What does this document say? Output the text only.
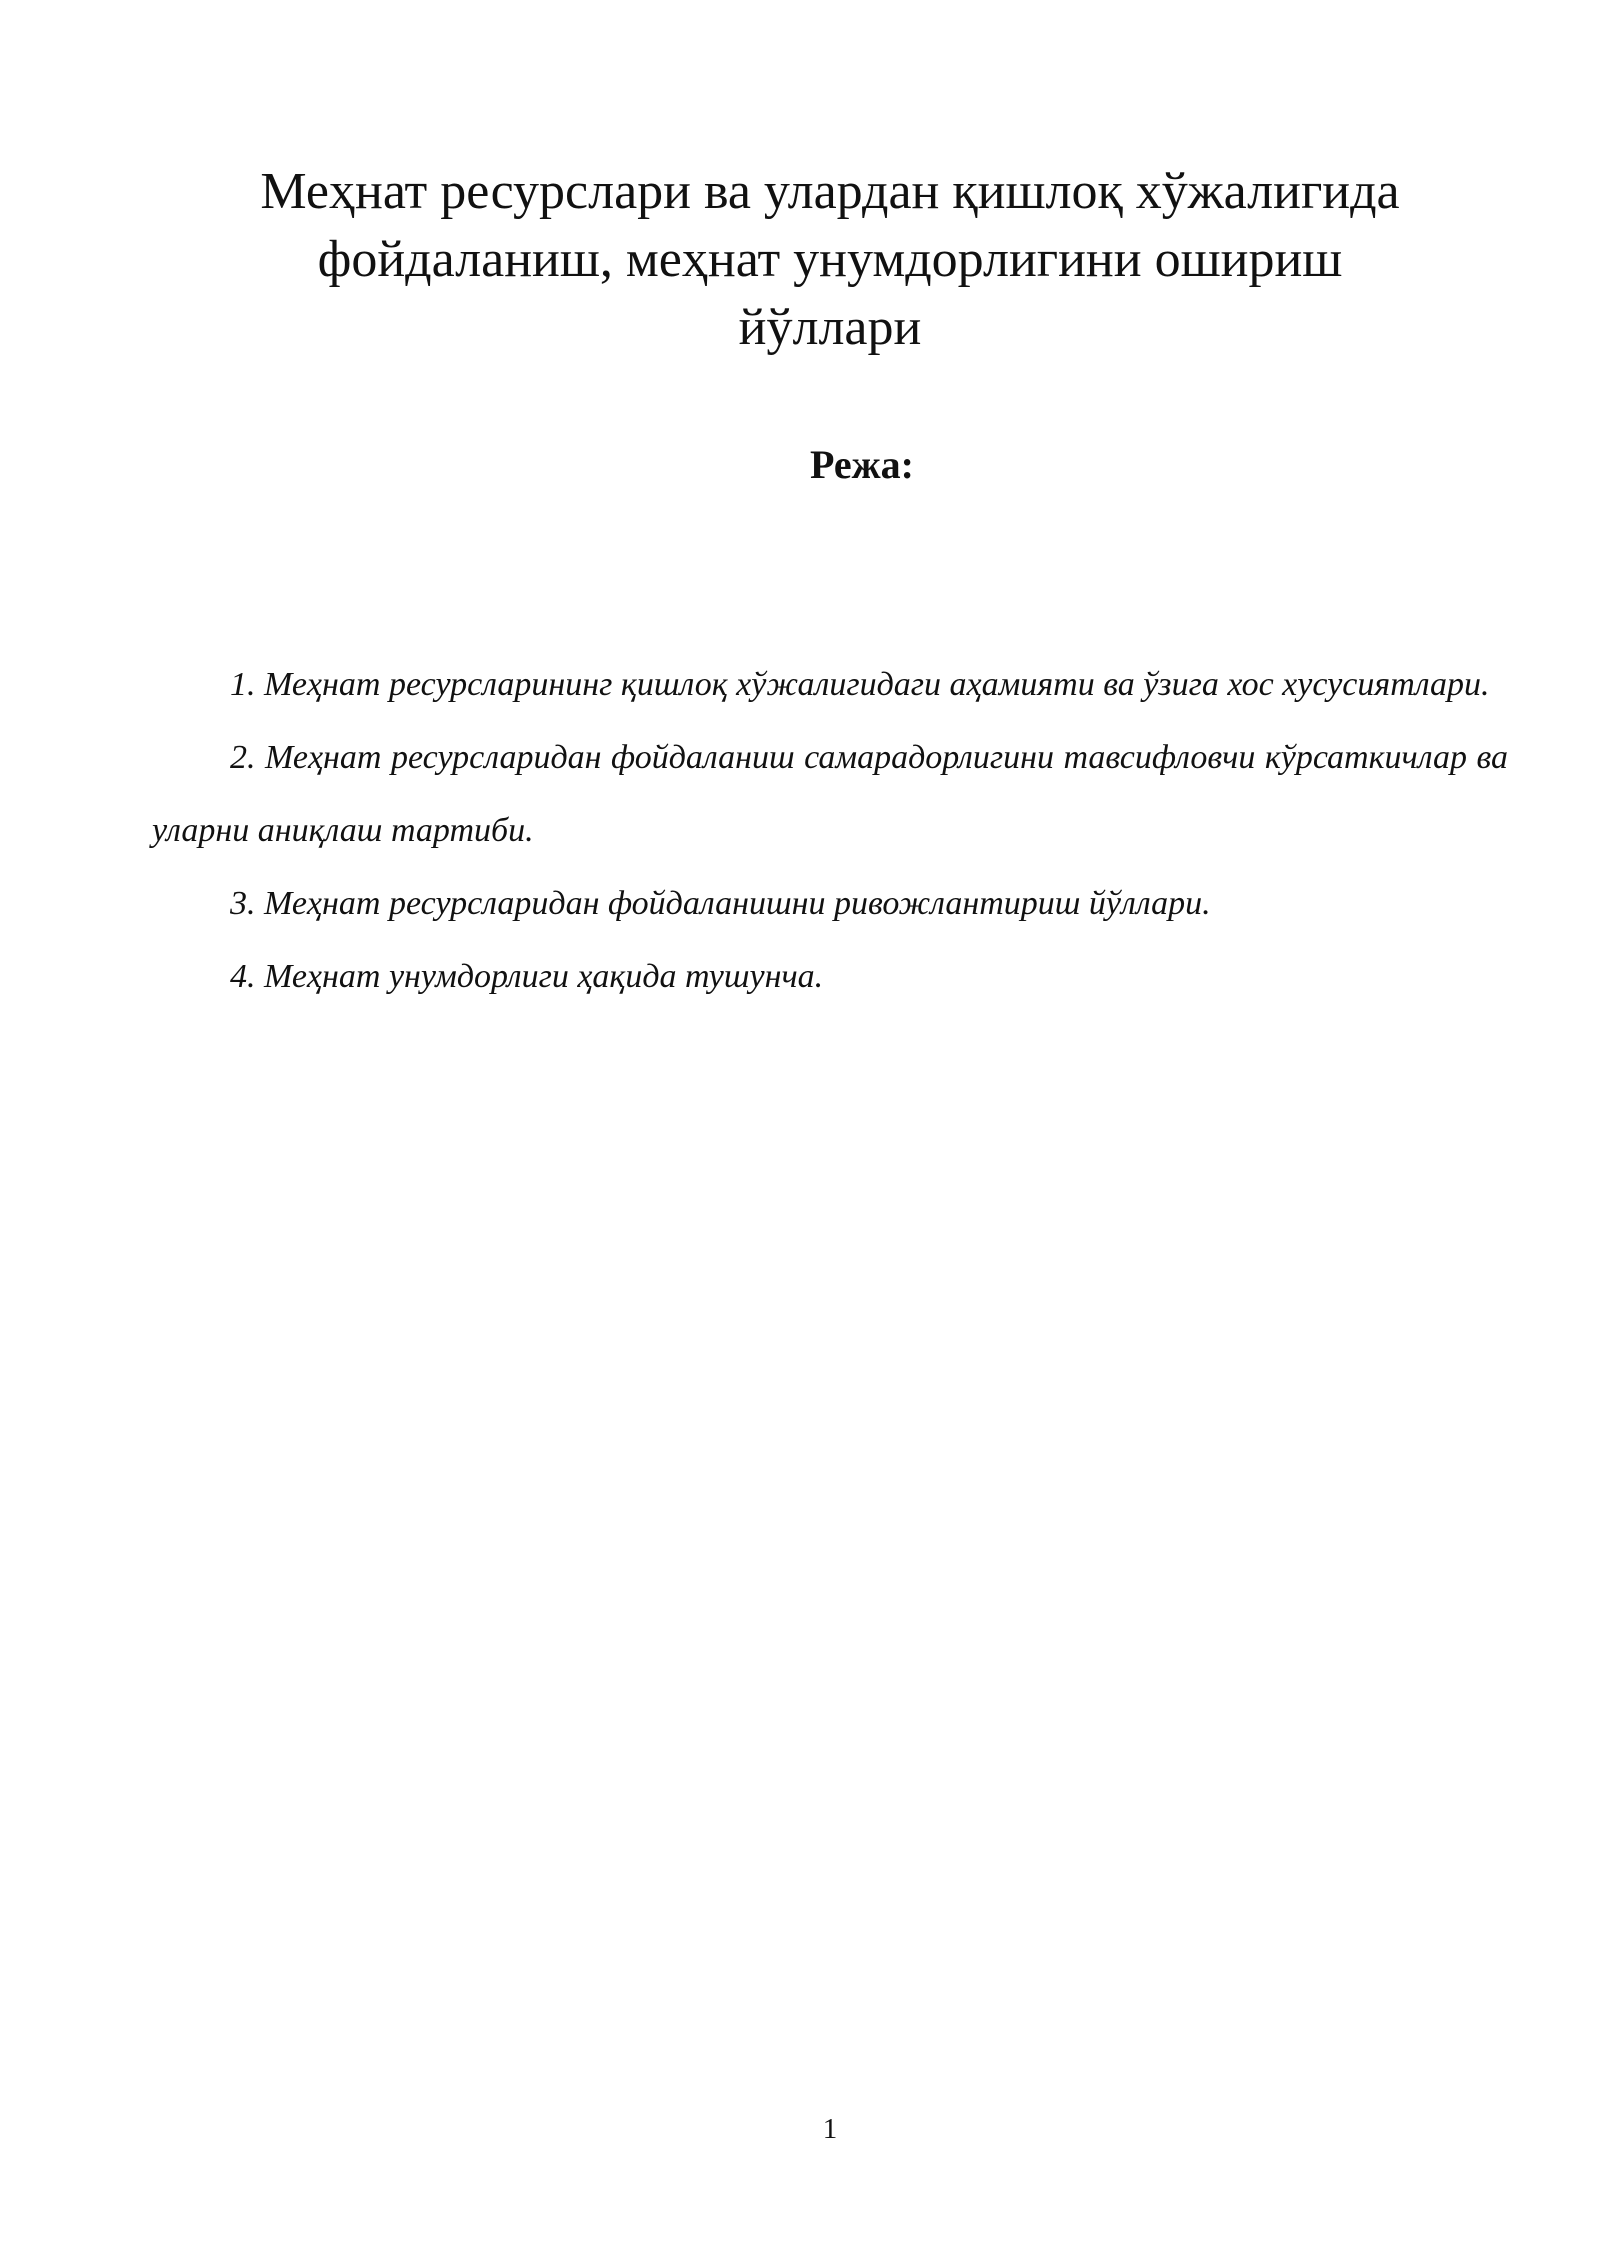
Меҳнат ресурслари ва улардан қишлоқ хўжалигида
фойдаланиш, меҳнат унумдорлигини ошириш
йўллари
Режа:
1. Меҳнат ресурсларининг қишлоқ хўжалигидаги аҳамияти ва ўзига хос хусусиятлари.
2. Меҳнат ресурсларидан фойдаланиш самарадорлигини тавсифловчи кўрсаткичлар ва уларни аниқлаш тартиби.
3. Меҳнат ресурсларидан фойдаланишни ривожлантириш йўллари.
4. Меҳнат унумдорлиги ҳақида тушунча.
1
